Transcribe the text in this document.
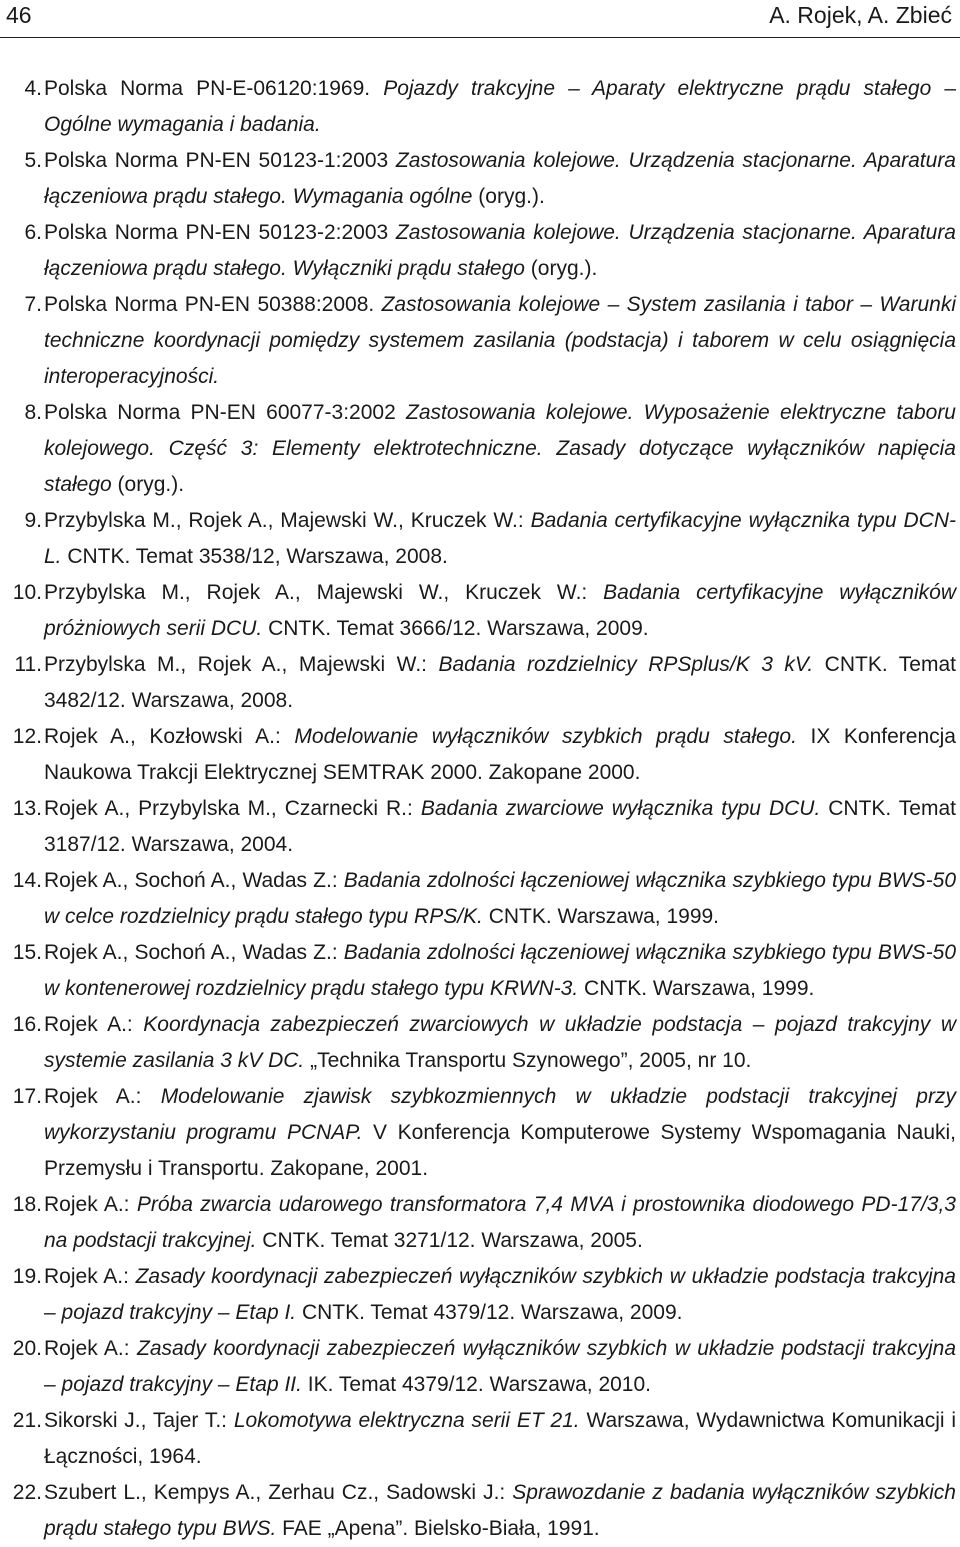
46	A. Rojek, A. Zbieć
4. Polska Norma PN-E-06120:1969. Pojazdy trakcyjne – Aparaty elektryczne prądu stałego – Ogólne wymagania i badania.
5. Polska Norma PN-EN 50123-1:2003 Zastosowania kolejowe. Urządzenia stacjonarne. Aparatura łączeniowa prądu stałego. Wymagania ogólne (oryg.).
6. Polska Norma PN-EN 50123-2:2003 Zastosowania kolejowe. Urządzenia stacjonarne. Aparatura łączeniowa prądu stałego. Wyłączniki prądu stałego (oryg.).
7. Polska Norma PN-EN 50388:2008. Zastosowania kolejowe – System zasilania i tabor – Warunki techniczne koordynacji pomiędzy systemem zasilania (podstacja) i taborem w celu osiągnięcia interoperacyjności.
8. Polska Norma PN-EN 60077-3:2002 Zastosowania kolejowe. Wyposażenie elektryczne taboru kolejowego. Część 3: Elementy elektrotechniczne. Zasady dotyczące wyłączników napięcia stałego (oryg.).
9. Przybylska M., Rojek A., Majewski W., Kruczek W.: Badania certyfikacyjne wyłącznika typu DCN-L. CNTK. Temat 3538/12, Warszawa, 2008.
10. Przybylska M., Rojek A., Majewski W., Kruczek W.: Badania certyfikacyjne wyłączników próżniowych serii DCU. CNTK. Temat 3666/12. Warszawa, 2009.
11. Przybylska M., Rojek A., Majewski W.: Badania rozdzielnicy RPSplus/K 3 kV. CNTK. Temat 3482/12. Warszawa, 2008.
12. Rojek A., Kozłowski A.: Modelowanie wyłączników szybkich prądu stałego. IX Konferencja Naukowa Trakcji Elektrycznej SEMTRAK 2000. Zakopane 2000.
13. Rojek A., Przybylska M., Czarnecki R.: Badania zwarciowe wyłącznika typu DCU. CNTK. Temat 3187/12. Warszawa, 2004.
14. Rojek A., Sochoń A., Wadas Z.: Badania zdolności łączeniowej włącznika szybkiego typu BWS-50 w celce rozdzielnicy prądu stałego typu RPS/K. CNTK. Warszawa, 1999.
15. Rojek A., Sochoń A., Wadas Z.: Badania zdolności łączeniowej włącznika szybkiego typu BWS-50 w kontenerowej rozdzielnicy prądu stałego typu KRWN-3. CNTK. Warszawa, 1999.
16. Rojek A.: Koordynacja zabezpieczeń zwarciowych w układzie podstacja – pojazd trakcyjny w systemie zasilania 3 kV DC. „Technika Transportu Szynowego”, 2005, nr 10.
17. Rojek A.: Modelowanie zjawisk szybkozmiennych w układzie podstacji trakcyjnej przy wykorzystaniu programu PCNAP. V Konferencja Komputerowe Systemy Wspomagania Nauki, Przemysłu i Transportu. Zakopane, 2001.
18. Rojek A.: Próba zwarcia udarowego transformatora 7,4 MVA i prostownika diodowego PD-17/3,3 na podstacji trakcyjnej. CNTK. Temat 3271/12. Warszawa, 2005.
19. Rojek A.: Zasady koordynacji zabezpieczeń wyłączników szybkich w układzie podstacja trakcyjna – pojazd trakcyjny – Etap I. CNTK. Temat 4379/12. Warszawa, 2009.
20. Rojek A.: Zasady koordynacji zabezpieczeń wyłączników szybkich w układzie podstacji trakcyjna – pojazd trakcyjny – Etap II. IK. Temat 4379/12. Warszawa, 2010.
21. Sikorski J., Tajer T.: Lokomotywa elektryczna serii ET 21. Warszawa, Wydawnictwa Komunikacji i Łączności, 1964.
22. Szubert L., Kempys A., Zerhau Cz., Sadowski J.: Sprawozdanie z badania wyłączników szybkich prądu stałego typu BWS. FAE „Apena”. Bielsko-Biała, 1991.
